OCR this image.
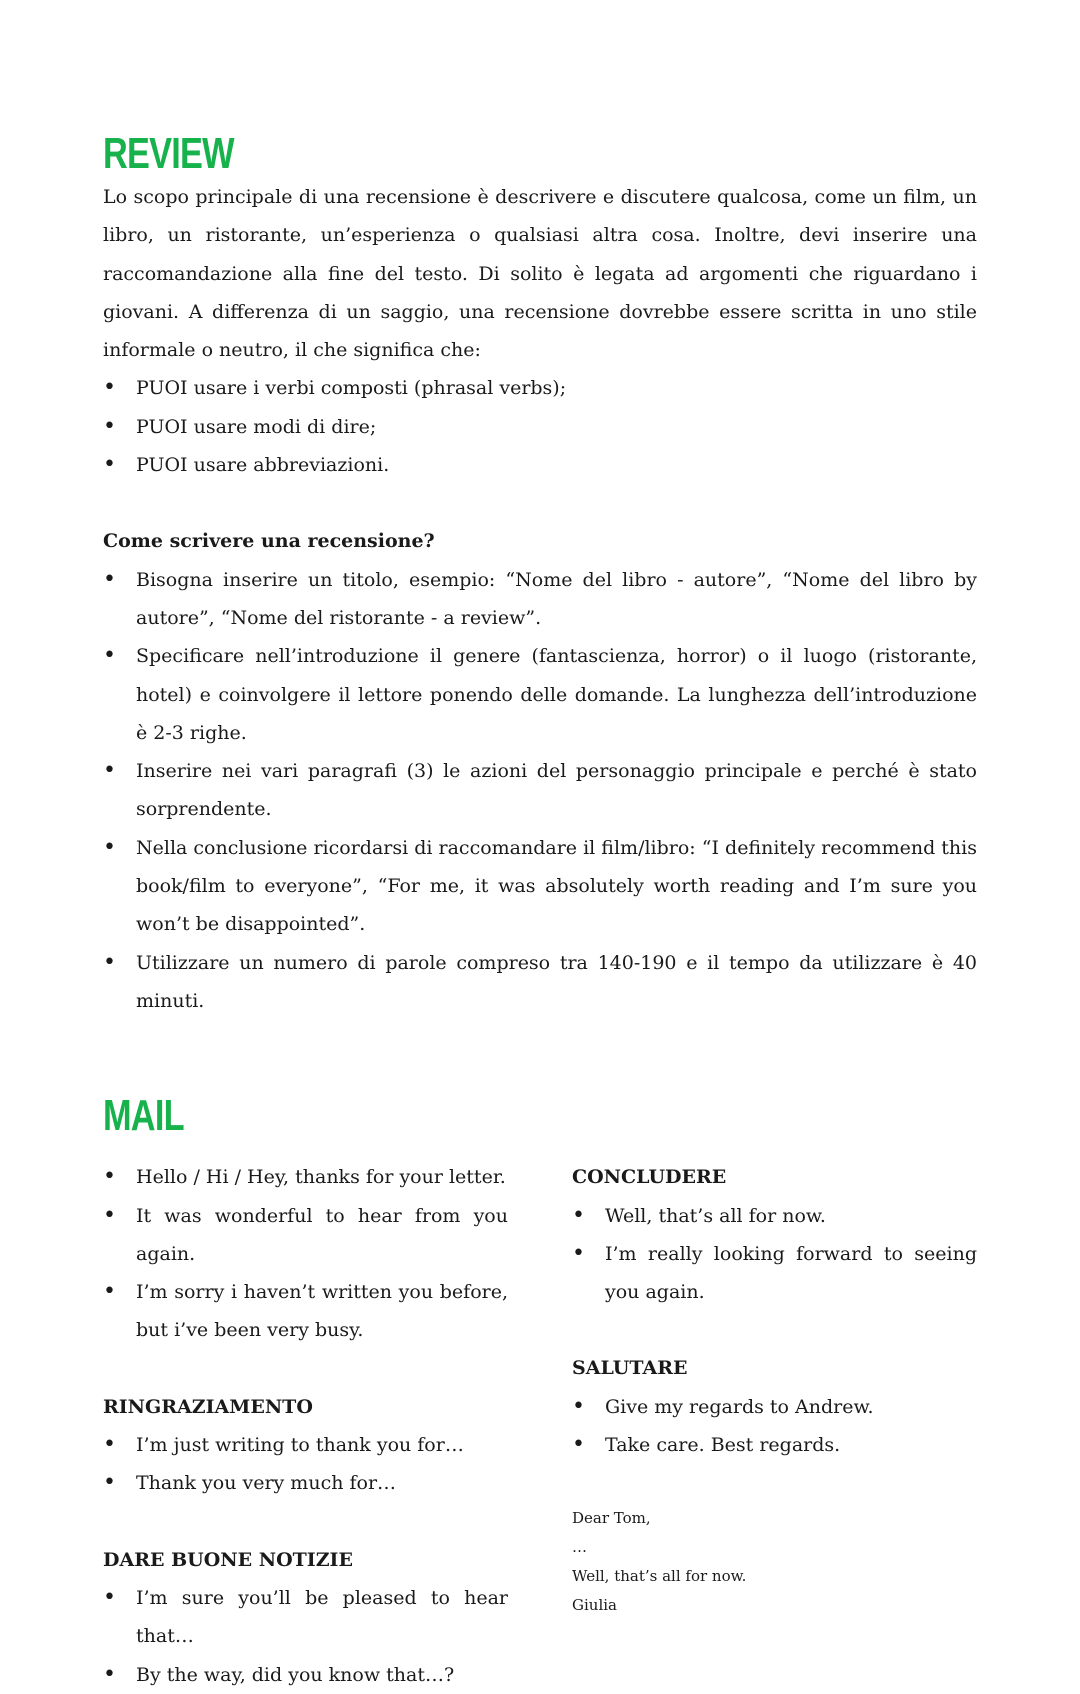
REVIEW

Lo scopo principale di una recensione è descrivere e discutere qualcosa, come un film, un libro, un ristorante, un’esperienza o qualsiasi altra cosa. Inoltre, devi inserire una raccomandazione alla fine del testo. Di solito è legata ad argomenti che riguardano i giovani. A differenza di un saggio, una recensione dovrebbe essere scritta in uno stile informale o neutro, il che significa che:

• PUOI usare i verbi composti (phrasal verbs);
• PUOI usare modi di dire;
• PUOI usare abbreviazioni.

Come scrivere una recensione?

• Bisogna inserire un titolo, esempio: “Nome del libro - autore”, “Nome del libro by autore”, “Nome del ristorante - a review”.
• Specificare nell’introduzione il genere (fantascienza, horror) o il luogo (ristorante, hotel) e coinvolgere il lettore ponendo delle domande. La lunghezza dell’introduzione è 2-3 righe.
• Inserire nei vari paragrafi (3) le azioni del personaggio principale e perché è stato sorprendente.
• Nella conclusione ricordarsi di raccomandare il film/libro: “I definitely recommend this book/film to everyone”, “For me, it was absolutely worth reading and I’m sure you won’t be disappointed”.
• Utilizzare un numero di parole compreso tra 140-190 e il tempo da utilizzare è 40 minuti.
MAIL
• Hello / Hi / Hey, thanks for your letter.
• It was wonderful to hear from you again.
• I’m sorry i haven’t written you before, but i’ve been very busy.

RINGRAZIAMENTO

• I’m just writing to thank you for…
• Thank you very much for…

DARE BUONE NOTIZIE

• I’m sure you’ll be pleased to hear that…
• By the way, did you know that…?

CONCLUDERE

• Well, that’s all for now.
• I’m really looking forward to seeing you again.

SALUTARE

• Give my regards to Andrew.
• Take care. Best regards.

Dear Tom,

…

Well, that’s all for now.

Giulia
